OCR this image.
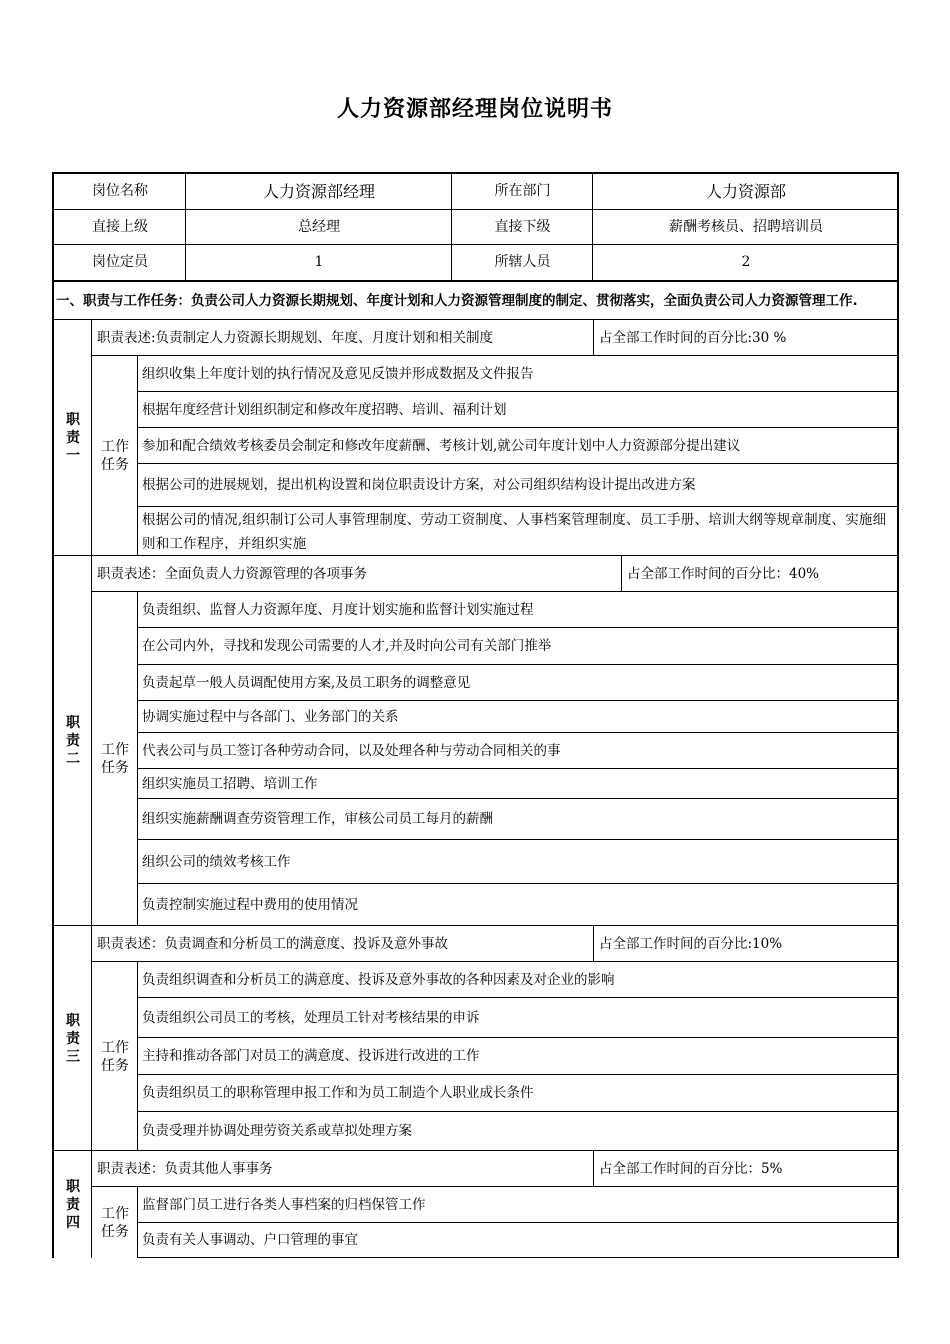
人力资源部经理岗位说明书
岗位名称	人力资源部经理	所在部门	人力资源部
直接上级	总经理	直接下级	薪酬考核员、招聘培训员
岗位定员	1	所辖人员	2
一、职责与工作任务：负责公司人力资源长期规划、年度计划和人力资源管理制度的制定、贯彻落实，全面负责公司人力资源管理工作.
职责一
职责表述:负责制定人力资源长期规划、年度、月度计划和相关制度	占全部工作时间的百分比:30 %
工作任务
组织收集上年度计划的执行情况及意见反馈并形成数据及文件报告
根据年度经营计划组织制定和修改年度招聘、培训、福利计划
参加和配合绩效考核委员会制定和修改年度薪酬、考核计划,就公司年度计划中人力资源部分提出建议
根据公司的进展规划，提出机构设置和岗位职责设计方案，对公司组织结构设计提出改进方案
根据公司的情况,组织制订公司人事管理制度、劳动工资制度、人事档案管理制度、员工手册、培训大纲等规章制度、实施细则和工作程序，并组织实施
职责二
职责表述：全面负责人力资源管理的各项事务	占全部工作时间的百分比：40%
工作任务
负责组织、监督人力资源年度、月度计划实施和监督计划实施过程
在公司内外，寻找和发现公司需要的人才,并及时向公司有关部门推举
负责起草一般人员调配使用方案,及员工职务的调整意见
协调实施过程中与各部门、业务部门的关系
代表公司与员工签订各种劳动合同，以及处理各种与劳动合同相关的事
组织实施员工招聘、培训工作
组织实施薪酬调查劳资管理工作，审核公司员工每月的薪酬
组织公司的绩效考核工作
负责控制实施过程中费用的使用情况
职责三
职责表述：负责调查和分析员工的满意度、投诉及意外事故	占全部工作时间的百分比:10%
工作任务
负责组织调查和分析员工的满意度、投诉及意外事故的各种因素及对企业的影响
负责组织公司员工的考核，处理员工针对考核结果的申诉
主持和推动各部门对员工的满意度、投诉进行改进的工作
负责组织员工的职称管理申报工作和为员工制造个人职业成长条件
负责受理并协调处理劳资关系或草拟处理方案
职责四
职责表述：负责其他人事事务	占全部工作时间的百分比：5%
工作任务
监督部门员工进行各类人事档案的归档保管工作
负责有关人事调动、户口管理的事宜
